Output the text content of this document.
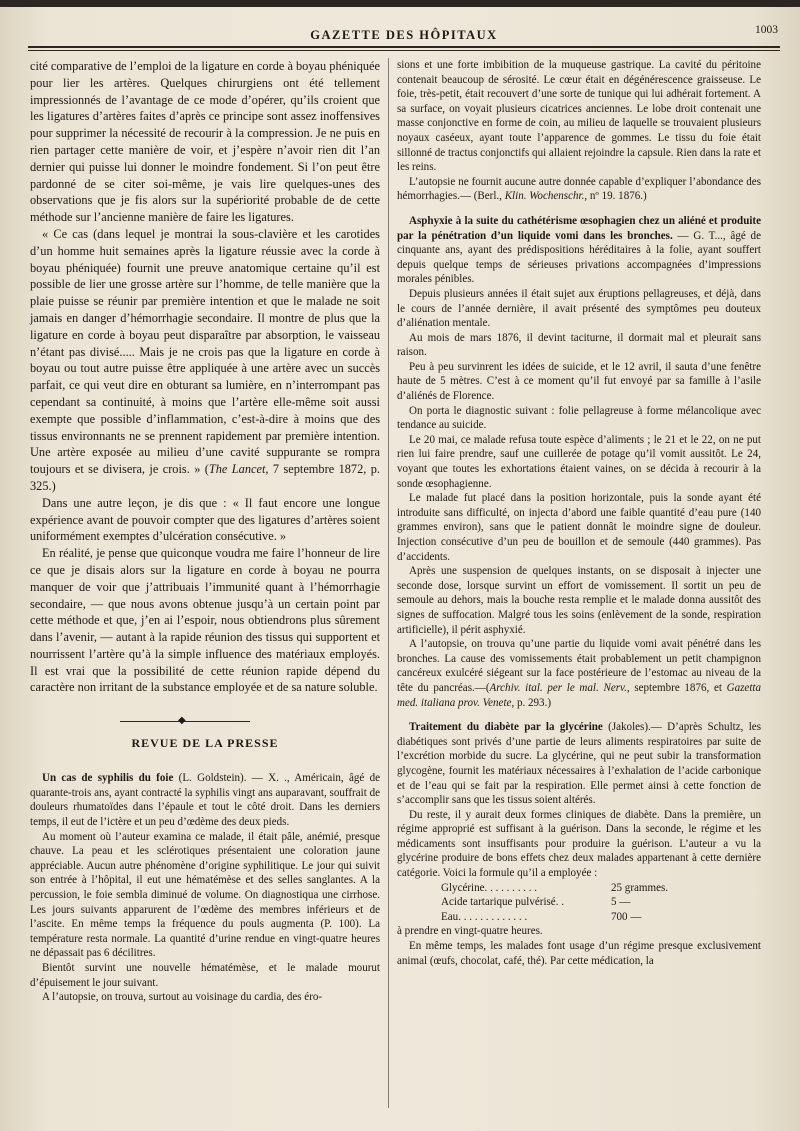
GAZETTE DES HÔPITAUX	1003

cité comparative de l’emploi de la ligature en corde à boyau phéniquée pour lier les artères. Quelques chirurgiens ont été tellement impressionnés de l’avantage de ce mode d’opérer, qu’ils croient que les ligatures d’artères faites d’après ce principe sont assez inoffensives pour supprimer la nécessité de recourir à la compression. Je ne puis en rien partager cette manière de voir, et j’espère n’avoir rien dit l’an dernier qui puisse lui donner le moindre fondement. Si l’on peut être pardonné de se citer soi-même, je vais lire quelques-unes des observations que je fis alors sur la supériorité probable de de cette méthode sur l’ancienne manière de faire les ligatures.

« Ce cas (dans lequel je montrai la sous-clavière et les carotides d’un homme huit semaines après la ligature réussie avec la corde à boyau phéniquée) fournit une preuve anatomique certaine qu’il est possible de lier une grosse artère sur l’homme, de telle manière que la plaie puisse se réunir par première intention et que le malade ne soit jamais en danger d’hémorrhagie secondaire. Il montre de plus que la ligature en corde à boyau peut disparaître par absorption, le vaisseau n’étant pas divisé..... Mais je ne crois pas que la ligature en corde à boyau ou tout autre puisse être appliquée à une artère avec un succès parfait, ce qui veut dire en obturant sa lumière, en n’interrompant pas cependant sa continuité, à moins que l’artère elle-même soit aussi exempte que possible d’inflammation, c’est-à-dire à moins que des tissus environnants ne se prennent rapidement par première intention. Une artère exposée au milieu d’une cavité suppurante se rompra toujours et se divisera, je crois. » (The Lancet, 7 septembre 1872, p. 325.)

Dans une autre leçon, je dis que : « Il faut encore une longue expérience avant de pouvoir compter que des ligatures d’artères soient uniformément exemptes d’ulcération consécutive. »

En réalité, je pense que quiconque voudra me faire l’honneur de lire ce que je disais alors sur la ligature en corde à boyau ne pourra manquer de voir que j’attribuais l’immunité quant à l’hémorrhagie secondaire, — que nous avons obtenue jusqu’à un certain point par cette méthode et que, j’en ai l’espoir, nous obtiendrons plus sûrement dans l’avenir, — autant à la rapide réunion des tissus qui supportent et nourrissent l’artère qu’à la simple influence des matériaux employés. Il est vrai que la possibilité de cette réunion rapide dépend du caractère non irritant de la substance employée et de sa nature soluble.

◆
REVUE DE LA PRESSE

Un cas de syphilis du foie (L. Goldstein). — X. ., Américain, âgé de quarante-trois ans, ayant contracté la syphilis vingt ans auparavant, souffrait de douleurs rhumatoïdes dans l’épaule et tout le côté droit. Dans les derniers temps, il eut de l’ictère et un peu d’œdème des deux pieds.

Au moment où l’auteur examina ce malade, il était pâle, anémié, presque chauve. La peau et les sclérotiques présentaient une coloration jaune appréciable. Aucun autre phénomène d’origine syphilitique. Le jour qui suivit son entrée à l’hôpital, il eut une hématémèse et des selles sanglantes. A la percussion, le foie sembla diminué de volume. On diagnostiqua une cirrhose. Les jours suivants apparurent de l’œdème des membres inférieurs et de l’ascite. En même temps la fréquence du pouls augmenta (P. 100). La température resta normale. La quantité d’urine rendue en vingt-quatre heures ne dépassait pas 6 décilitres.

Bientôt survint une nouvelle hématémèse, et le malade mourut d’épuisement le jour suivant.

A l’autopsie, on trouva, surtout au voisinage du cardia, des éro-

sions et une forte imbibition de la muqueuse gastrique. La cavité du péritoine contenait beaucoup de sérosité. Le cœur était en dégénérescence graisseuse. Le foie, très-petit, était recouvert d’une sorte de tunique qui lui adhérait fortement. A sa surface, on voyait plusieurs cicatrices anciennes. Le lobe droit contenait une masse conjonctive en forme de coin, au milieu de laquelle se trouvaient plusieurs noyaux caséeux, ayant toute l’apparence de gommes. Le tissu du foie était sillonné de tractus conjonctifs qui allaient rejoindre la capsule. Rien dans la rate et les reins.

L’autopsie ne fournit aucune autre donnée capable d’expliquer l’abondance des hémorrhagies.— (Berl., Klin. Wochenschr., nº 19. 1876.)

Asphyxie à la suite du cathétérisme œsophagien chez un aliéné et produite par la pénétration d’un liquide vomi dans les bronches. — G. T..., âgé de cinquante ans, ayant des prédispositions héréditaires à la folie, ayant souffert depuis quelque temps de sérieuses privations accompagnées d’impressions morales pénibles.

Depuis plusieurs années il était sujet aux éruptions pellagreuses, et déjà, dans le cours de l’année dernière, il avait présenté des symptômes peu douteux d’aliénation mentale.

Au mois de mars 1876, il devint taciturne, il dormait mal et pleurait sans raison.

Peu à peu survinrent les idées de suicide, et le 12 avril, il sauta d’une fenêtre haute de 5 mètres. C’est à ce moment qu’il fut envoyé par sa famille à l’asile d’aliénés de Florence.

On porta le diagnostic suivant : folie pellagreuse à forme mélancolique avec tendance au suicide.

Le 20 mai, ce malade refusa toute espèce d’aliments ; le 21 et le 22, on ne put rien lui faire prendre, sauf une cuillerée de potage qu’il vomit aussitôt. Le 24, voyant que toutes les exhortations étaient vaines, on se décida à recourir à la sonde œsophagienne.

Le malade fut placé dans la position horizontale, puis la sonde ayant été introduite sans difficulté, on injecta d’abord une faible quantité d’eau pure (140 grammes environ), sans que le patient donnât le moindre signe de douleur. Injection consécutive d’un peu de bouillon et de semoule (440 grammes). Pas d’accidents.

Après une suspension de quelques instants, on se disposait à injecter une seconde dose, lorsque survint un effort de vomissement. Il sortit un peu de semoule au dehors, mais la bouche resta remplie et le malade donna aussitôt des signes de suffocation. Malgré tous les soins (enlèvement de la sonde, respiration artificielle), il périt asphyxié.

A l’autopsie, on trouva qu’une partie du liquide vomi avait pénétré dans les bronches. La cause des vomissements était probablement un petit champignon cancéreux exulcéré siégeant sur la face postérieure de l’estomac au niveau de la tête du pancréas.—(Archiv. ital. per le mal. Nerv., septembre 1876, et Gazetta med. italiana prov. Venete, p. 293.)

Traitement du diabète par la glycérine (Jakoles).— D’après Schultz, les diabétiques sont privés d’une partie de leurs aliments respiratoires par suite de l’excrétion morbide du sucre. La glycérine, qui ne peut subir la transformation glycogène, fournit les matériaux nécessaires à l’exhalation de l’acide carbonique et de l’eau qui se fait par la respiration. Elle permet ainsi à cette fonction de s’accomplir sans que les tissus soient altérés.

Du reste, il y aurait deux formes cliniques de diabète. Dans la première, un régime approprié est suffisant à la guérison. Dans la seconde, le régime et les médicaments sont insuffisants pour produire la guérison. L’auteur a vu la glycérine produire de bons effets chez deux malades appartenant à cette dernière catégorie. Voici la formule qu’il a employée :

Glycérine. . . . . . . . . .	25 grammes.
Acide tartarique pulvérisé. .	5 —
Eau. . . . . . . . . . . . .	700 —

à prendre en vingt-quatre heures.

En même temps, les malades font usage d’un régime presque exclusivement animal (œufs, chocolat, café, thé). Par cette médication, la
